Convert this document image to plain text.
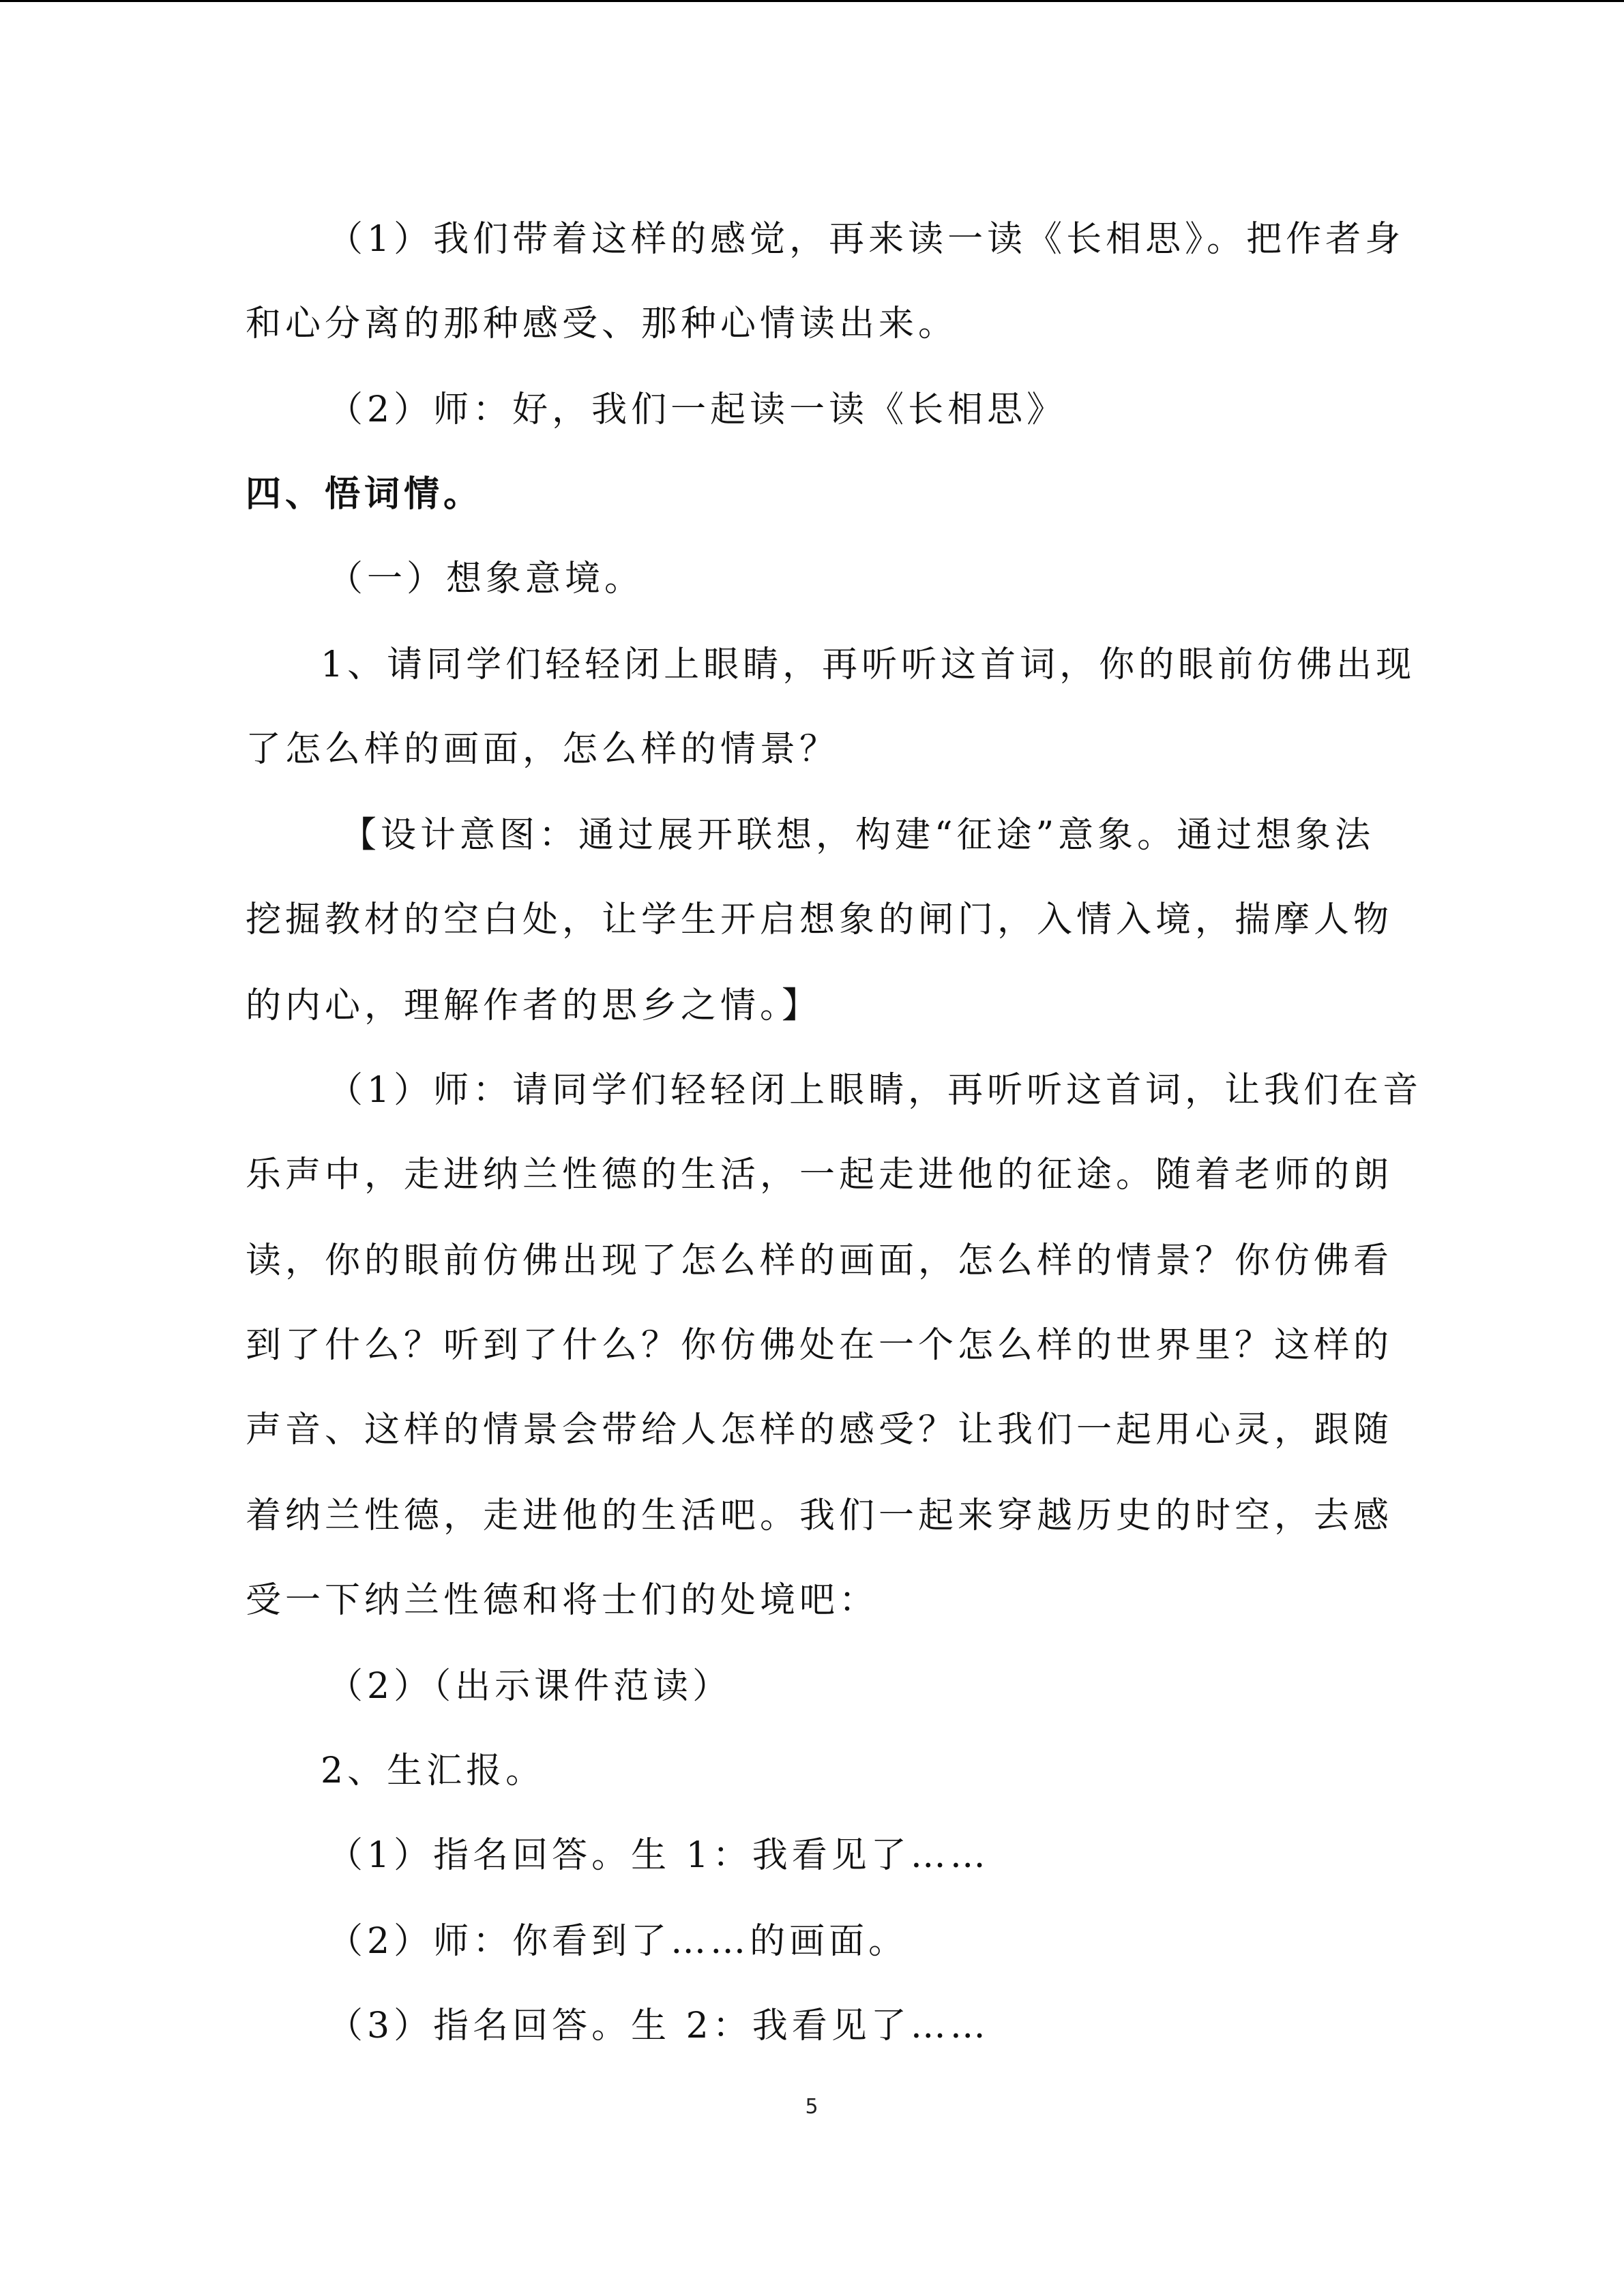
（1）我们带着这样的感觉，再来读一读《长相思》。把作者身

和心分离的那种感受、那种心情读出来。

（2）师：好，我们一起读一读《长相思》

四、悟词情。

（一）想象意境。

1、请同学们轻轻闭上眼睛，再听听这首词，你的眼前仿佛出现

了怎么样的画面，怎么样的情景？

【设计意图：通过展开联想，构建“征途”意象。通过想象法

挖掘教材的空白处，让学生开启想象的闸门，入情入境，揣摩人物

的内心，理解作者的思乡之情。】

（1）师：请同学们轻轻闭上眼睛，再听听这首词，让我们在音

乐声中，走进纳兰性德的生活，一起走进他的征途。随着老师的朗

读，你的眼前仿佛出现了怎么样的画面，怎么样的情景？你仿佛看

到了什么？听到了什么？你仿佛处在一个怎么样的世界里？这样的

声音、这样的情景会带给人怎样的感受？让我们一起用心灵，跟随

着纳兰性德，走进他的生活吧。我们一起来穿越历史的时空，去感

受一下纳兰性德和将士们的处境吧：

（2）（出示课件范读）

2、生汇报。

（1）指名回答。生 1：我看见了……

（2）师：你看到了……的画面。

（3）指名回答。生 2：我看见了……

5
